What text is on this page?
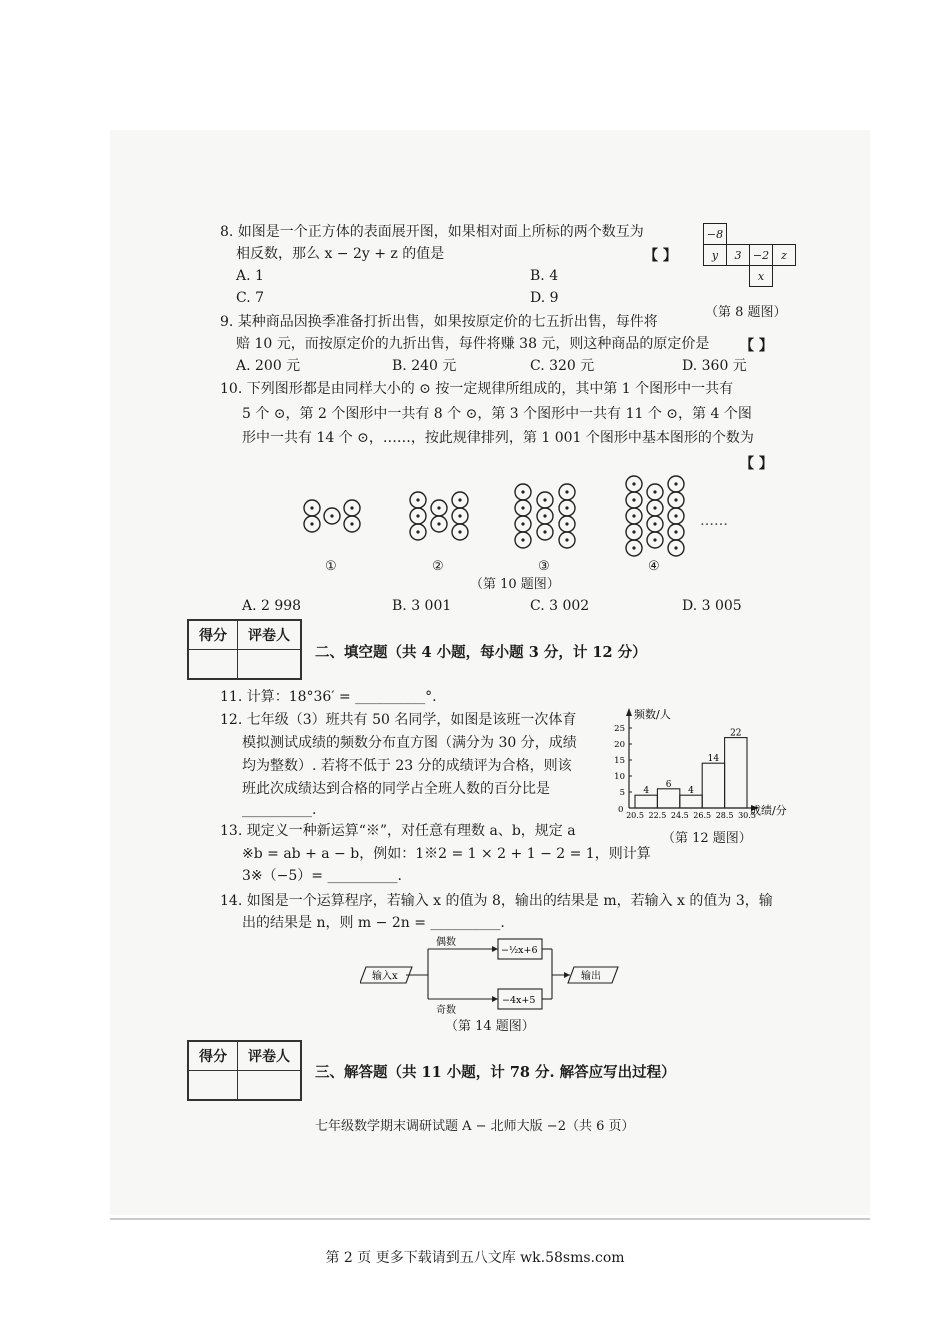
8. 如图是一个正方体的表面展开图，如果相对面上所标的两个数互为
相反数，那么 x − 2y + z 的值是	【 】
A. 1	B. 4
C. 7	D. 9
−8			
y	3	−2	z
		x	
（第 8 题图）
9. 某种商品因换季准备打折出售，如果按原定价的七五折出售，每件将
赔 10 元，而按原定价的九折出售，每件将赚 38 元，则这种商品的原定价是 【 】
A. 200 元	B. 240 元	C. 320 元	D. 360 元
10. 下列图形都是由同样大小的 ⊙ 按一定规律所组成的，其中第 1 个图形中一共有
5 个 ⊙，第 2 个图形中一共有 8 个 ⊙，第 3 个图形中一共有 11 个 ⊙，第 4 个图
形中一共有 14 个 ⊙，……，按此规律排列，第 1 001 个图形中基本图形的个数为
【 】
……
①	②	③	④
（第 10 题图）
A. 2 998	B. 3 001	C. 3 002	D. 3 005
得分	评卷人

二、填空题（共 4 小题，每小题 3 分，计 12 分）
11. 计算：18°36′ = __________°.
12. 七年级（3）班共有 50 名同学，如图是该班一次体育
模拟测试成绩的频数分布直方图（满分为 30 分，成绩
均为整数）. 若将不低于 23 分的成绩评为合格，则该
班此次成绩达到合格的同学占全班人数的百分比是
__________.
频数/人
成绩/分
0
5
10
15
20
25
4
6
4
14
22
20.5 22.5 24.5 26.5 28.5 30.5
（第 12 题图）
13. 现定义一种新运算“※”，对任意有理数 a、b，规定 a
※b = ab + a − b，例如：1※2 = 1 × 2 + 1 − 2 = 1，则计算
3※（−5）= __________.
14. 如图是一个运算程序，若输入 x 的值为 8，输出的结果是 m，若输入 x 的值为 3，输
出的结果是 n，则 m − 2n = __________.
输入x
偶数
奇数
−½x+6
−4x+5
输出
（第 14 题图）
得分	评卷人

三、解答题（共 11 小题，计 78 分. 解答应写出过程）
七年级数学期末调研试题 A − 北师大版 −2（共 6 页）
第 2 页 更多下载请到五八文库 wk.58sms.com
